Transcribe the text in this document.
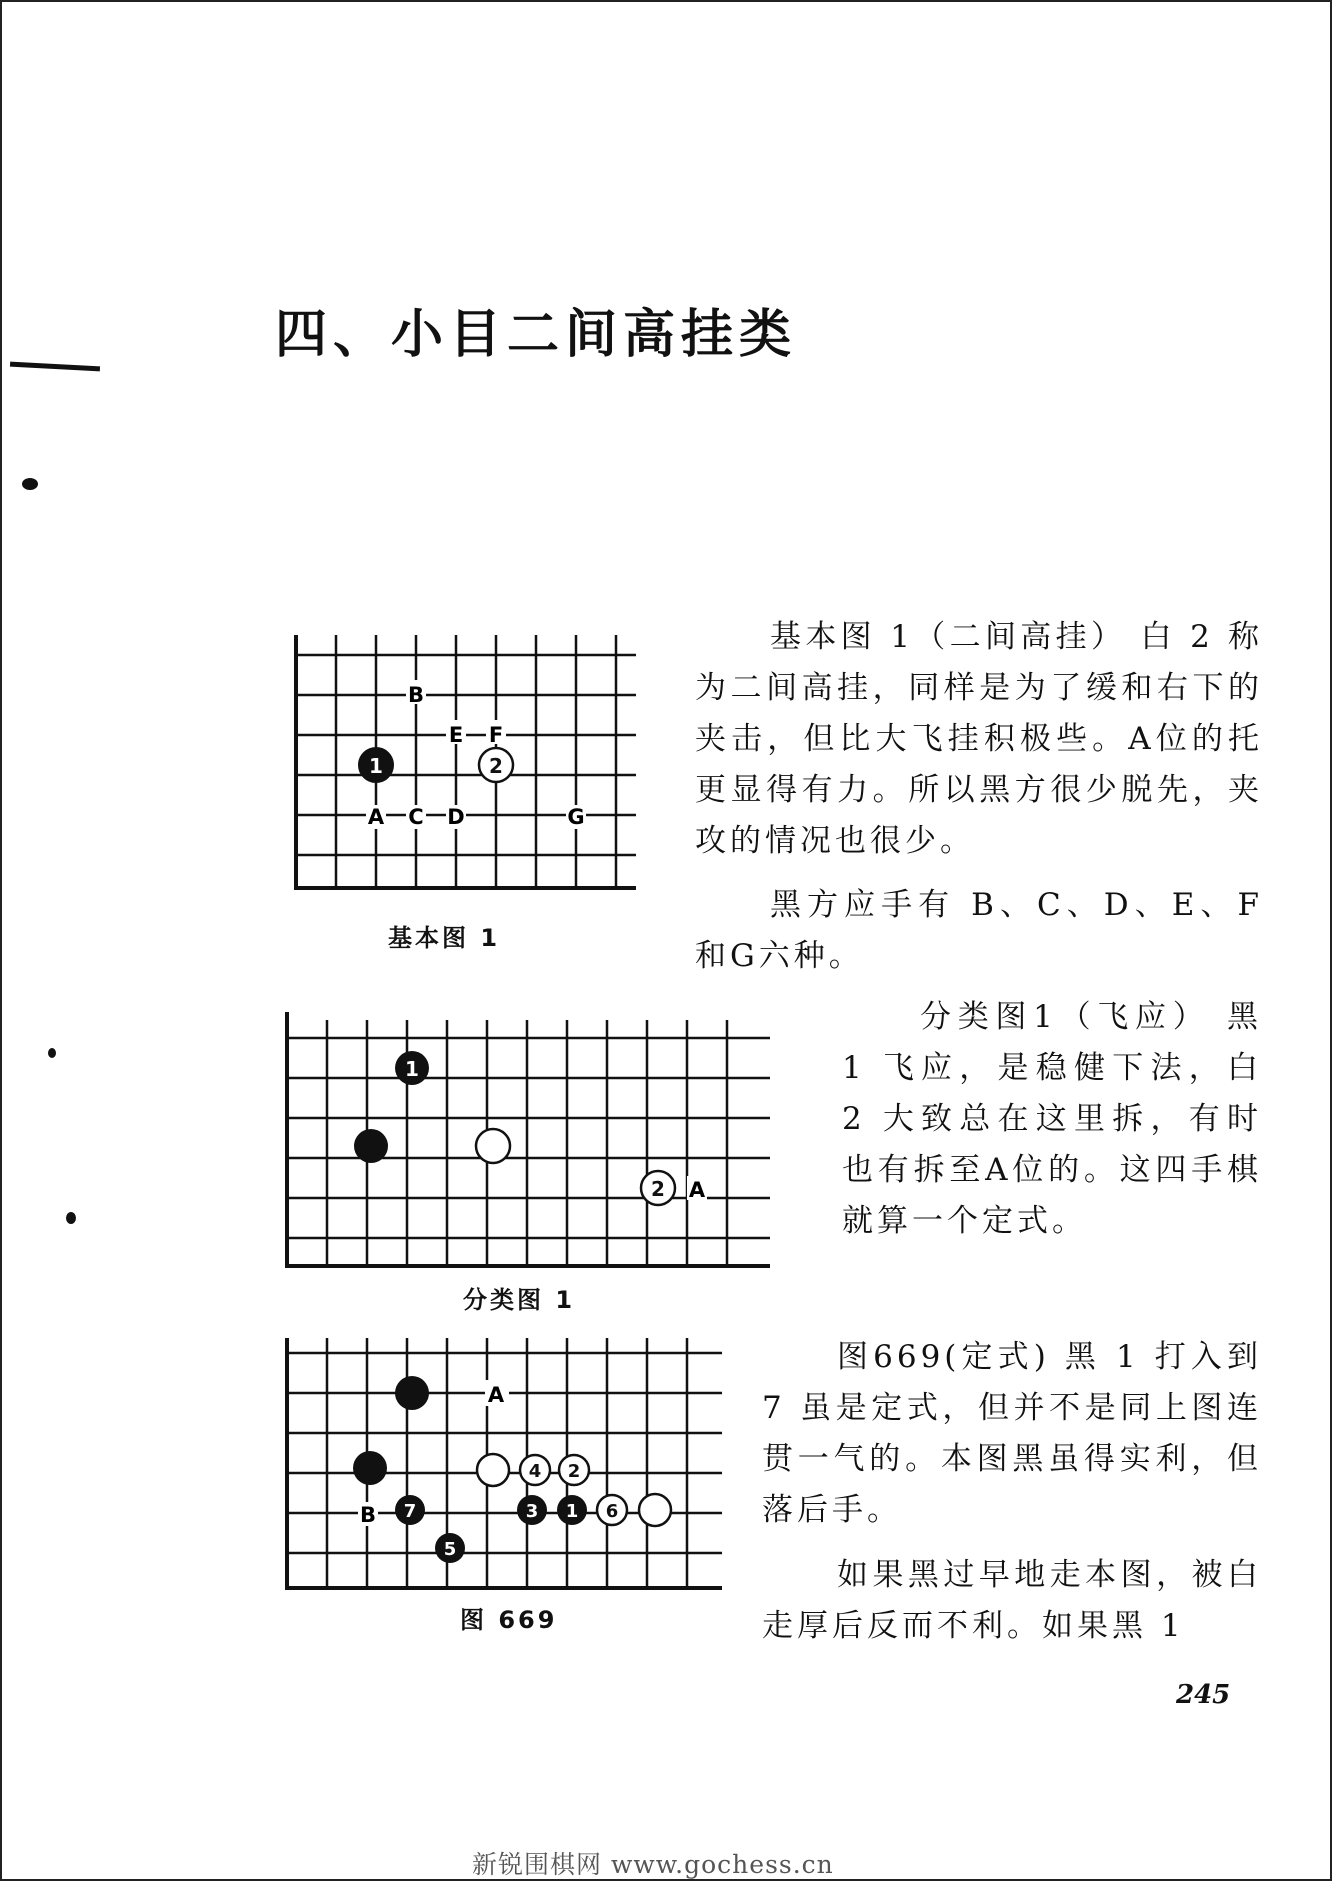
四、小目二间高挂类
B
E F
A C D	G
1	2
基本图 1
1
2 A
分类图 1
A
4 2
B 7	3 1 6
5
图 669

基本图 1（二间高挂） 白 2 称为二间高挂，同样是为了缓和右下的夹击，但比大飞挂积极些。A位的托更显得有力。所以黑方很少脱先，夹攻的情况也很少。

黑方应手有 B、C、D、E、F和G六种。

分类图1（飞应） 黑 1 飞应，是稳健下法，白 2 大致总在这里拆，有时也有拆至A位的。这四手棋就算一个定式。

图669(定式) 黑 1 打入到 7 虽是定式，但并不是同上图连贯一气的。本图黑虽得实利，但落后手。

如果黑过早地走本图，被白走厚后反而不利。如果黑 1

245
新锐围棋网 www.gochess.cn
